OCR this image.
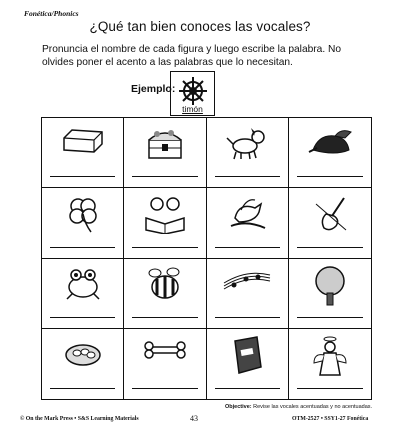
Fonética/Phonics
¿Qué tan bien conoces las vocales?
Pronuncia el nombre de cada figura y luego escribe la palabra. No olvides poner el acento a las palabras que lo necesitan.
Ejemplo:
timón
Objective: Revise las vocales acentuadas y no acentuadas.
© On the Mark Press • S&S Learning Materials	43	OTM-2527 • SSY1-27 Fonética
